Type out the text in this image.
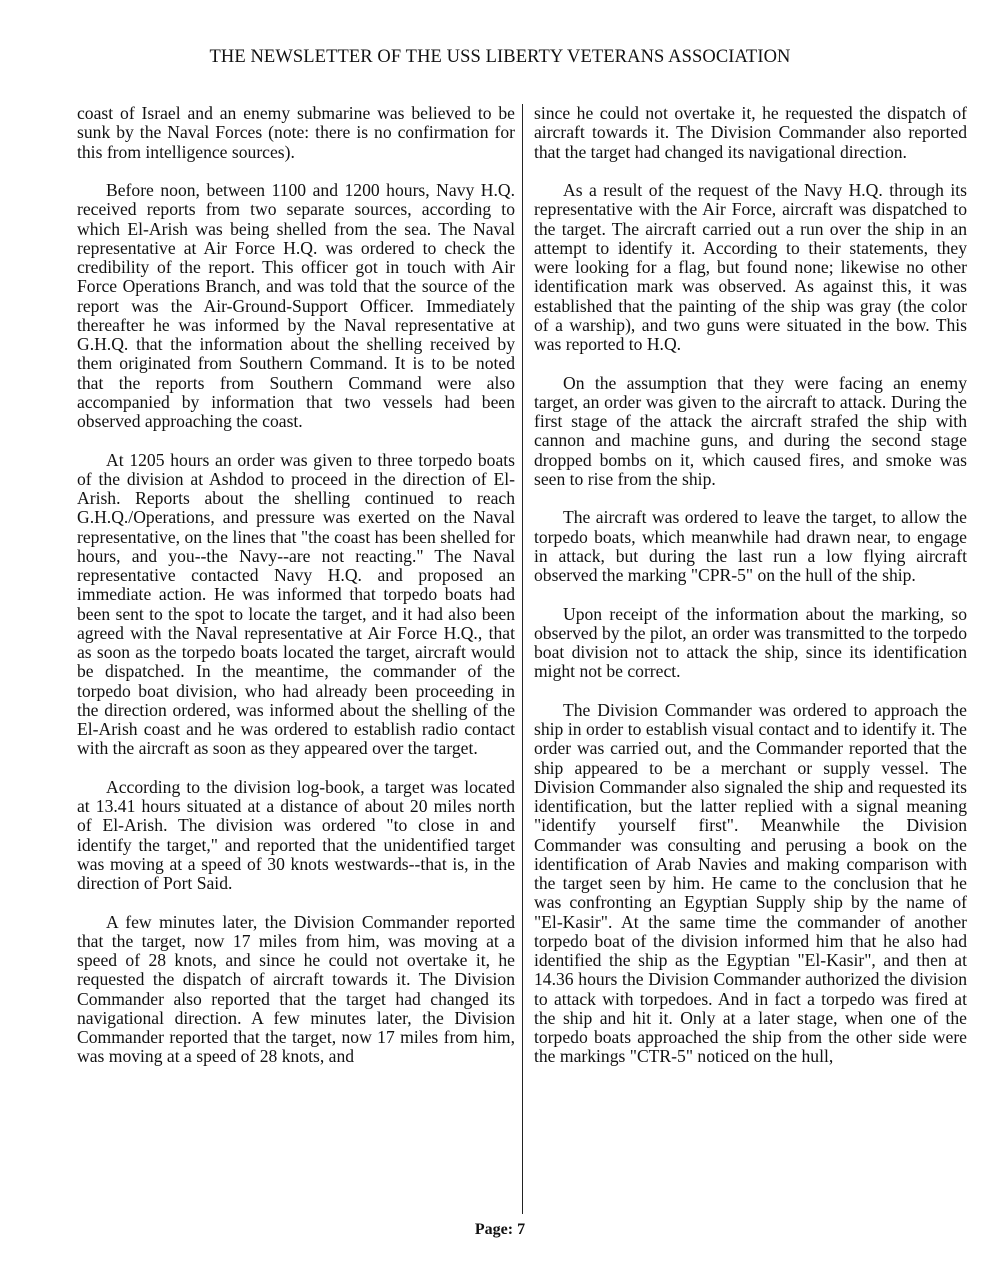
THE NEWSLETTER OF THE USS LIBERTY VETERANS ASSOCIATION

coast of Israel and an enemy submarine was believed to be sunk by the Naval Forces (note: there is no confirmation for this from intelligence sources).

Before noon, between 1100 and 1200 hours, Navy H.Q. received reports from two separate sources, according to which El-Arish was being shelled from the sea. The Naval representative at Air Force H.Q. was ordered to check the credibility of the report. This officer got in touch with Air Force Operations Branch, and was told that the source of the report was the Air-Ground-Support Officer. Immediately thereafter he was informed by the Naval representative at G.H.Q. that the information about the shelling received by them originated from Southern Command. It is to be noted that the reports from Southern Command were also accompanied by information that two vessels had been observed approaching the coast.

At 1205 hours an order was given to three torpedo boats of the division at Ashdod to proceed in the direction of El-Arish. Reports about the shelling continued to reach G.H.Q./Operations, and pressure was exerted on the Naval representative, on the lines that "the coast has been shelled for hours, and you--the Navy--are not reacting." The Naval representative contacted Navy H.Q. and proposed an immediate action. He was informed that torpedo boats had been sent to the spot to locate the target, and it had also been agreed with the Naval representative at Air Force H.Q., that as soon as the torpedo boats located the target, aircraft would be dispatched. In the meantime, the commander of the torpedo boat division, who had already been proceeding in the direction ordered, was informed about the shelling of the El-Arish coast and he was ordered to establish radio contact with the aircraft as soon as they appeared over the target.

According to the division log-book, a target was located at 13.41 hours situated at a distance of about 20 miles north of El-Arish. The division was ordered "to close in and identify the target," and reported that the unidentified target was moving at a speed of 30 knots westwards--that is, in the direction of Port Said.

A few minutes later, the Division Commander reported that the target, now 17 miles from him, was moving at a speed of 28 knots, and since he could not overtake it, he requested the dispatch of aircraft towards it. The Division Commander also reported that the target had changed its navigational direction. A few minutes later, the Division Commander reported that the target, now 17 miles from him, was moving at a speed of 28 knots, and

since he could not overtake it, he requested the dispatch of aircraft towards it. The Division Commander also reported that the target had changed its navigational direction.

As a result of the request of the Navy H.Q. through its representative with the Air Force, aircraft was dispatched to the target. The aircraft carried out a run over the ship in an attempt to identify it. According to their statements, they were looking for a flag, but found none; likewise no other identification mark was observed. As against this, it was established that the painting of the ship was gray (the color of a warship), and two guns were situated in the bow. This was reported to H.Q.

On the assumption that they were facing an enemy target, an order was given to the aircraft to attack. During the first stage of the attack the aircraft strafed the ship with cannon and machine guns, and during the second stage dropped bombs on it, which caused fires, and smoke was seen to rise from the ship.

The aircraft was ordered to leave the target, to allow the torpedo boats, which meanwhile had drawn near, to engage in attack, but during the last run a low flying aircraft observed the marking "CPR-5" on the hull of the ship.

Upon receipt of the information about the marking, so observed by the pilot, an order was transmitted to the torpedo boat division not to attack the ship, since its identification might not be correct.

The Division Commander was ordered to approach the ship in order to establish visual contact and to identify it. The order was carried out, and the Commander reported that the ship appeared to be a merchant or supply vessel. The Division Commander also signaled the ship and requested its identification, but the latter replied with a signal meaning "identify yourself first". Meanwhile the Division Commander was consulting and perusing a book on the identification of Arab Navies and making comparison with the target seen by him. He came to the conclusion that he was confronting an Egyptian Supply ship by the name of "El-Kasir". At the same time the commander of another torpedo boat of the division informed him that he also had identified the ship as the Egyptian "El-Kasir", and then at 14.36 hours the Division Commander authorized the division to attack with torpedoes. And in fact a torpedo was fired at the ship and hit it. Only at a later stage, when one of the torpedo boats approached the ship from the other side were the markings "CTR-5" noticed on the hull,

Page: 7
